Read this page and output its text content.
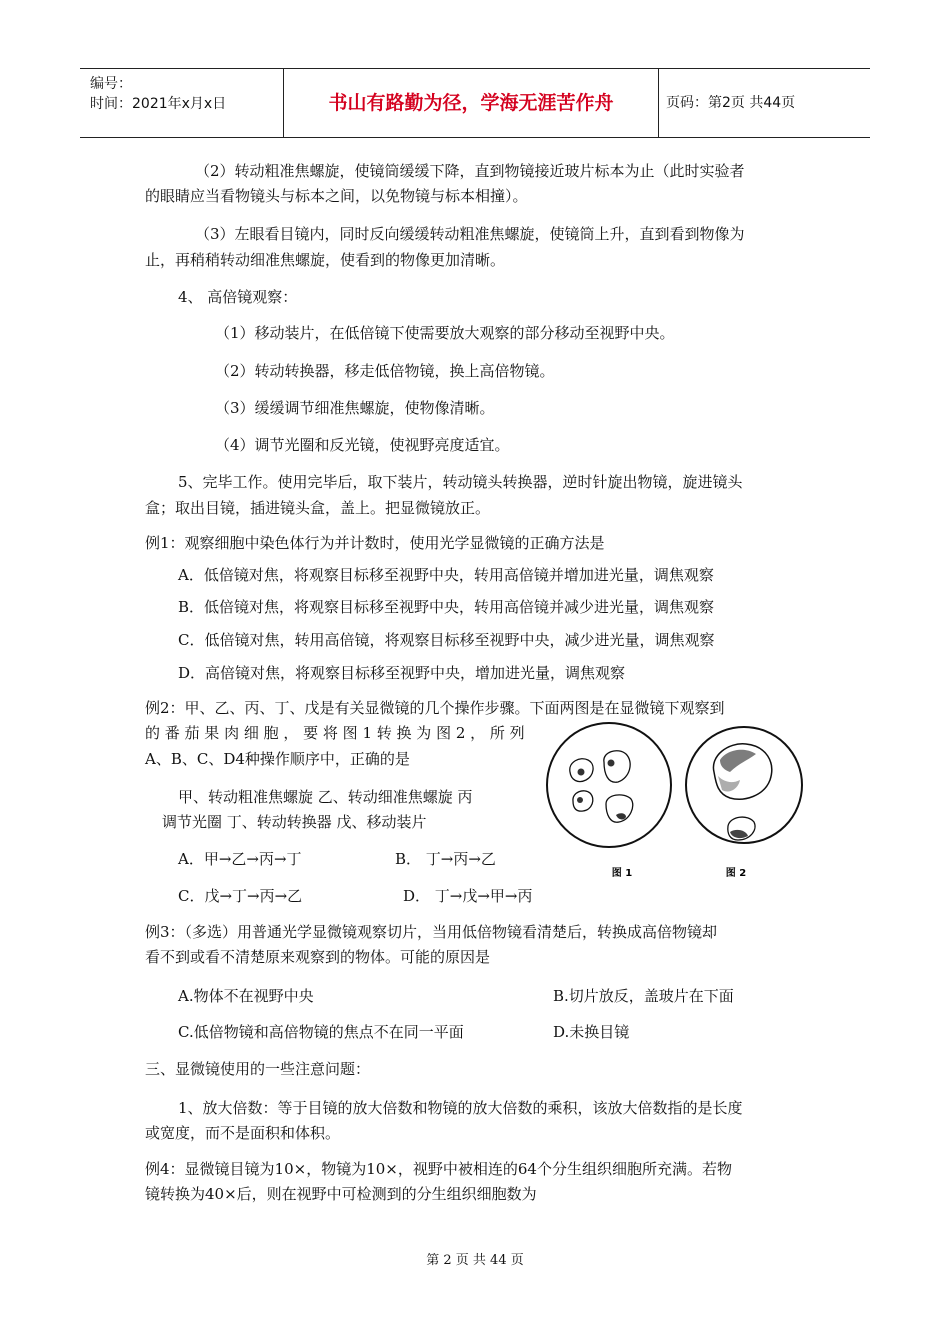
编号：
时间：2021年x月x日	书山有路勤为径，学海无涯苦作舟	页码：第2页 共44页
（2）转动粗准焦螺旋，使镜筒缓缓下降，直到物镜接近玻片标本为止（此时实验者
的眼睛应当看物镜头与标本之间，以免物镜与标本相撞）。
（3）左眼看目镜内，同时反向缓缓转动粗准焦螺旋，使镜筒上升，直到看到物像为
止，再稍稍转动细准焦螺旋，使看到的物像更加清晰。
4、 高倍镜观察：
（1）移动装片，在低倍镜下使需要放大观察的部分移动至视野中央。
（2）转动转换器，移走低倍物镜，换上高倍物镜。
（3）缓缓调节细准焦螺旋，使物像清晰。
（4）调节光圈和反光镜，使视野亮度适宜。
5、完毕工作。使用完毕后，取下装片，转动镜头转换器，逆时针旋出物镜，旋进镜头
盒；取出目镜，插进镜头盒，盖上。把显微镜放正。
例1：观察细胞中染色体行为并计数时，使用光学显微镜的正确方法是
A．低倍镜对焦，将观察目标移至视野中央，转用高倍镜并增加进光量，调焦观察
B．低倍镜对焦，将观察目标移至视野中央，转用高倍镜并减少进光量，调焦观察
C．低倍镜对焦，转用高倍镜，将观察目标移至视野中央，减少进光量，调焦观察
D．高倍镜对焦，将观察目标移至视野中央，增加进光量，调焦观察
例2：甲、乙、丙、丁、戊是有关显微镜的几个操作步骤。下面两图是在显微镜下观察到
的 番 茄 果 肉 细 胞 ， 要 将 图 1 转 换 为 图 2 ， 所 列
A、B、C、D4种操作顺序中，正确的是
甲、转动粗准焦螺旋 乙、转动细准焦螺旋 丙
调节光圈 丁、转动转换器 戊、移动装片
A．甲→乙→丙→丁	B． 丁→丙→乙
C．戊→丁→丙→乙	D． 丁→戊→甲→丙
例3：（多选）用普通光学显微镜观察切片，当用低倍物镜看清楚后，转换成高倍物镜却
看不到或看不清楚原来观察到的物体。可能的原因是
A.物体不在视野中央	B.切片放反，盖玻片在下面
C.低倍物镜和高倍物镜的焦点不在同一平面	D.未换目镜
三、显微镜使用的一些注意问题：
1、放大倍数：等于目镜的放大倍数和物镜的放大倍数的乘积，该放大倍数指的是长度
或宽度，而不是面积和体积。
例4：显微镜目镜为10×，物镜为10×，视野中被相连的64个分生组织细胞所充满。若物
镜转换为40×后，则在视野中可检测到的分生组织细胞数为
图 1	图 2
第 2 页 共 44 页
